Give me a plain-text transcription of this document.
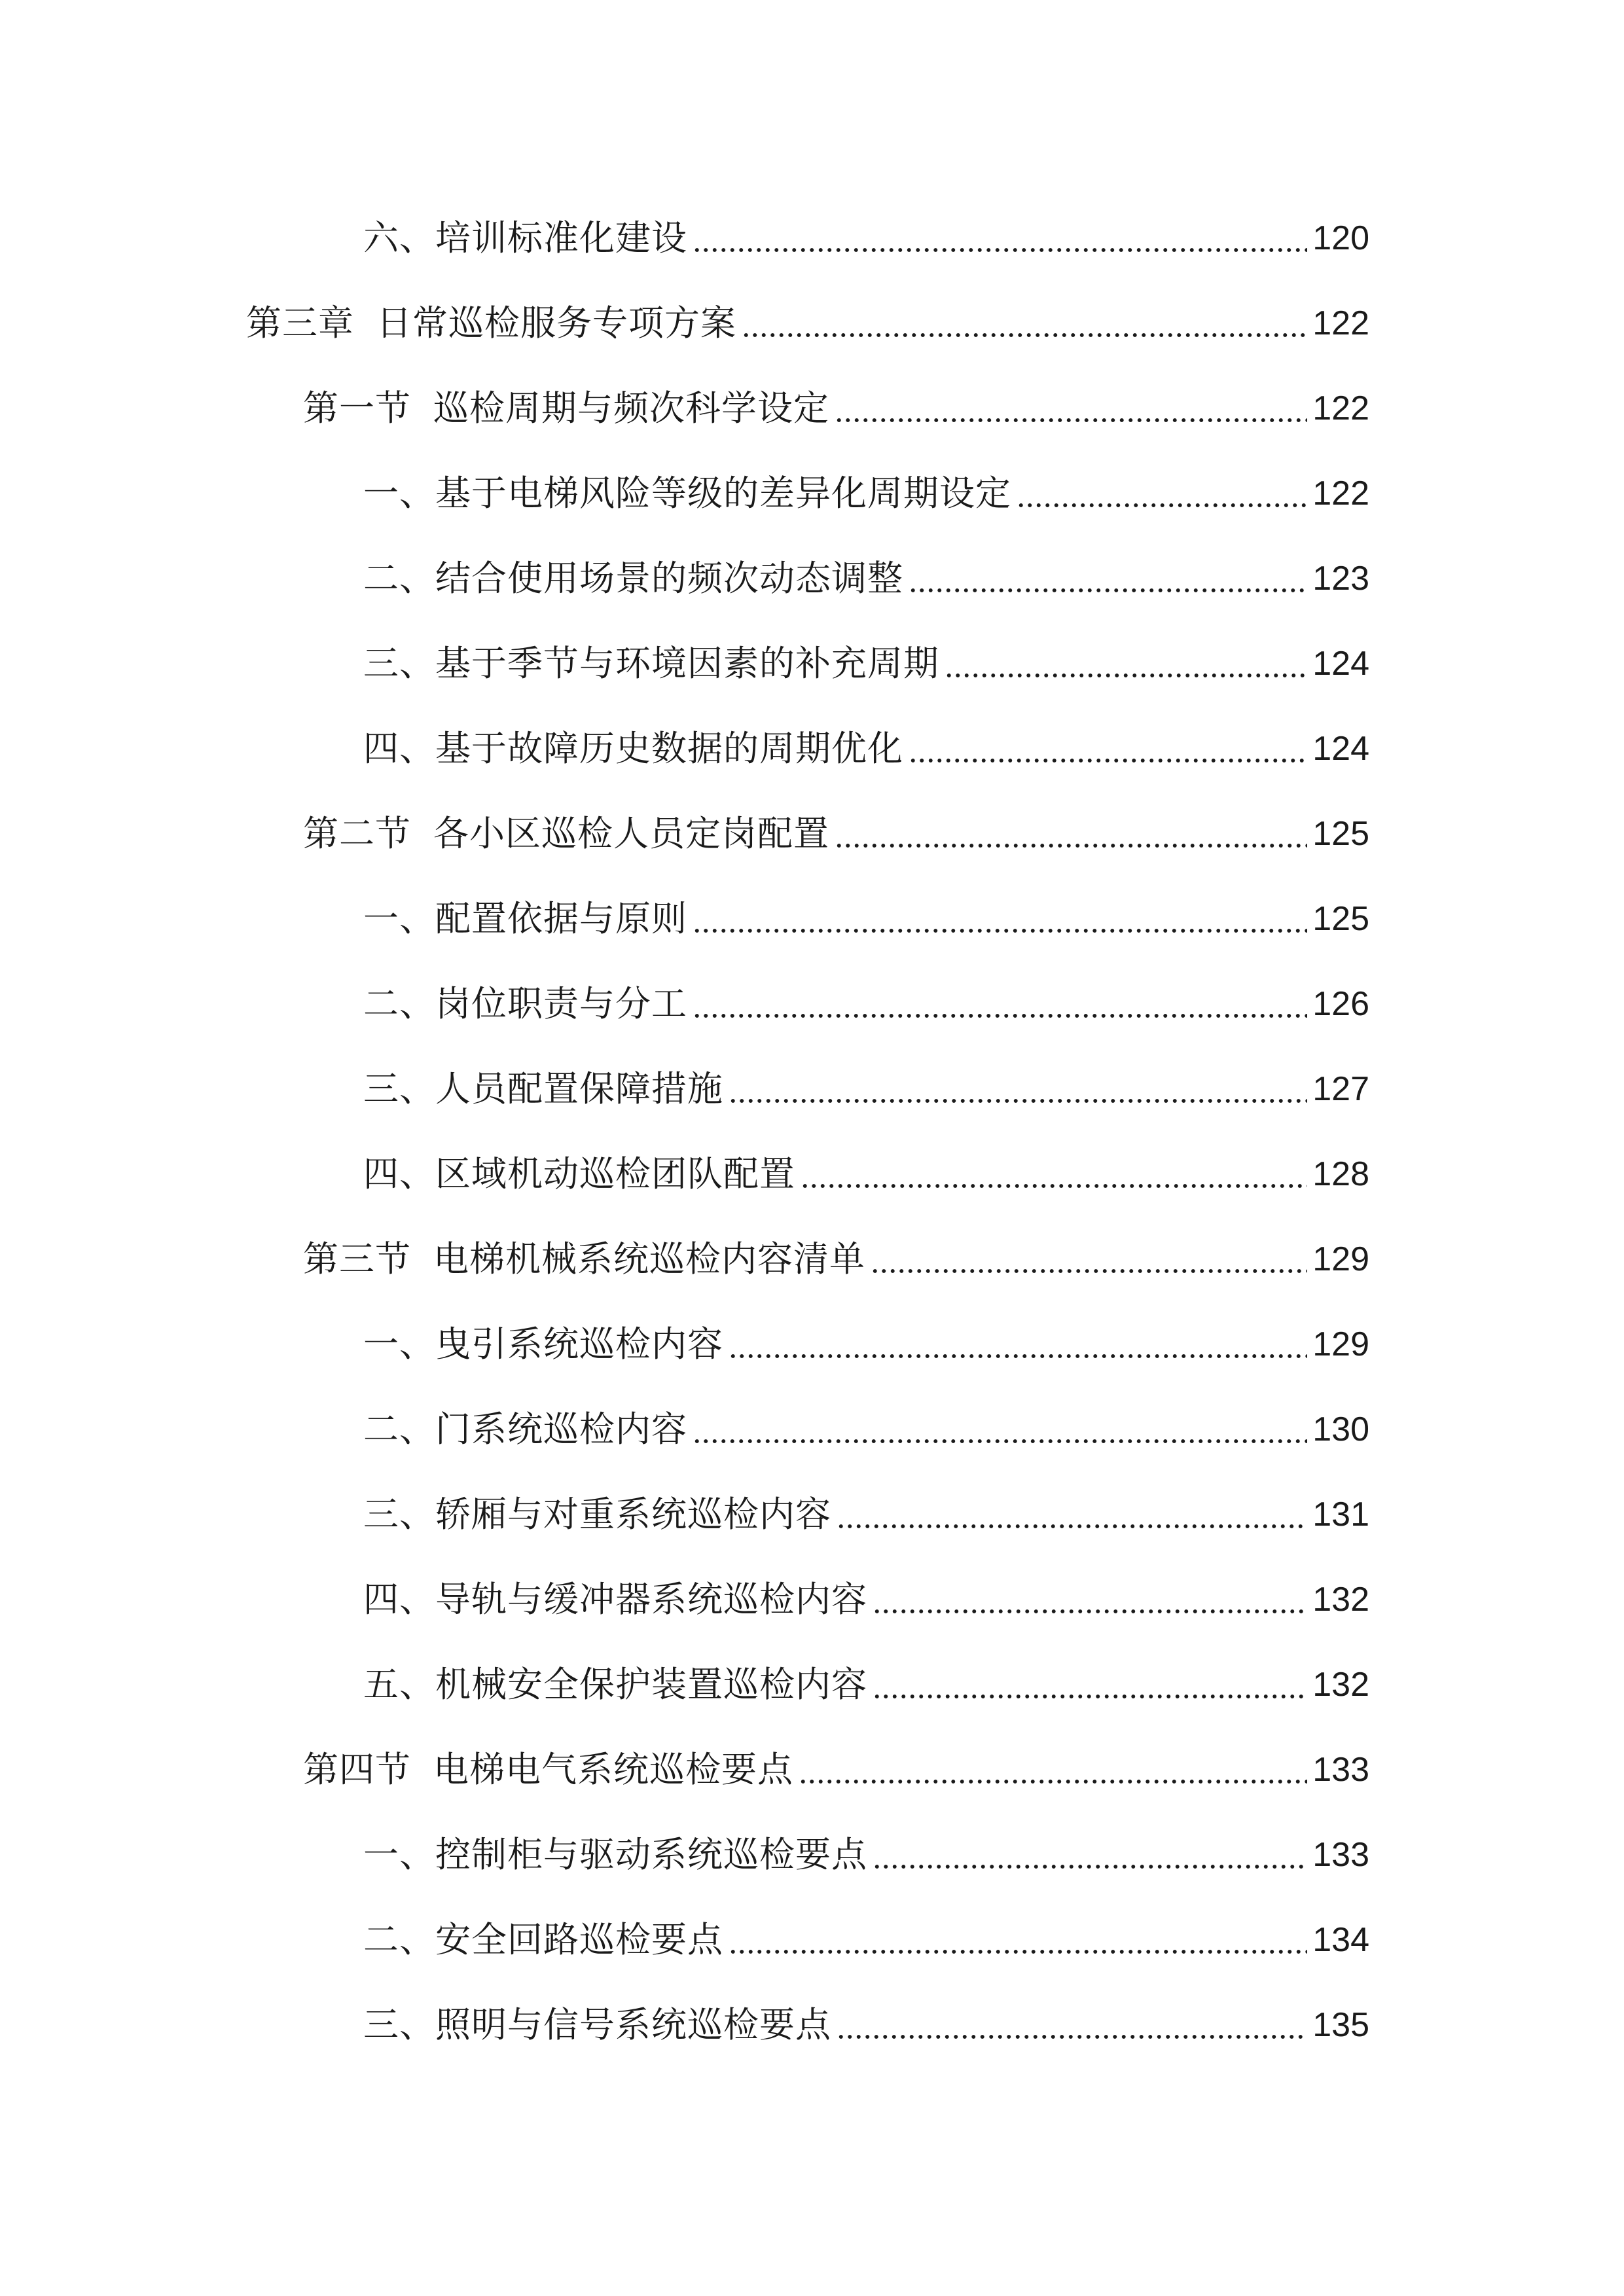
六、培训标准化建设	120
第三章 日常巡检服务专项方案	122
第一节 巡检周期与频次科学设定	122
一、基于电梯风险等级的差异化周期设定	122
二、结合使用场景的频次动态调整	123
三、基于季节与环境因素的补充周期	124
四、基于故障历史数据的周期优化	124
第二节 各小区巡检人员定岗配置	125
一、配置依据与原则	125
二、岗位职责与分工	126
三、人员配置保障措施	127
四、区域机动巡检团队配置	128
第三节 电梯机械系统巡检内容清单	129
一、曳引系统巡检内容	129
二、门系统巡检内容	130
三、轿厢与对重系统巡检内容	131
四、导轨与缓冲器系统巡检内容	132
五、机械安全保护装置巡检内容	132
第四节 电梯电气系统巡检要点	133
一、控制柜与驱动系统巡检要点	133
二、安全回路巡检要点	134
三、照明与信号系统巡检要点	135
